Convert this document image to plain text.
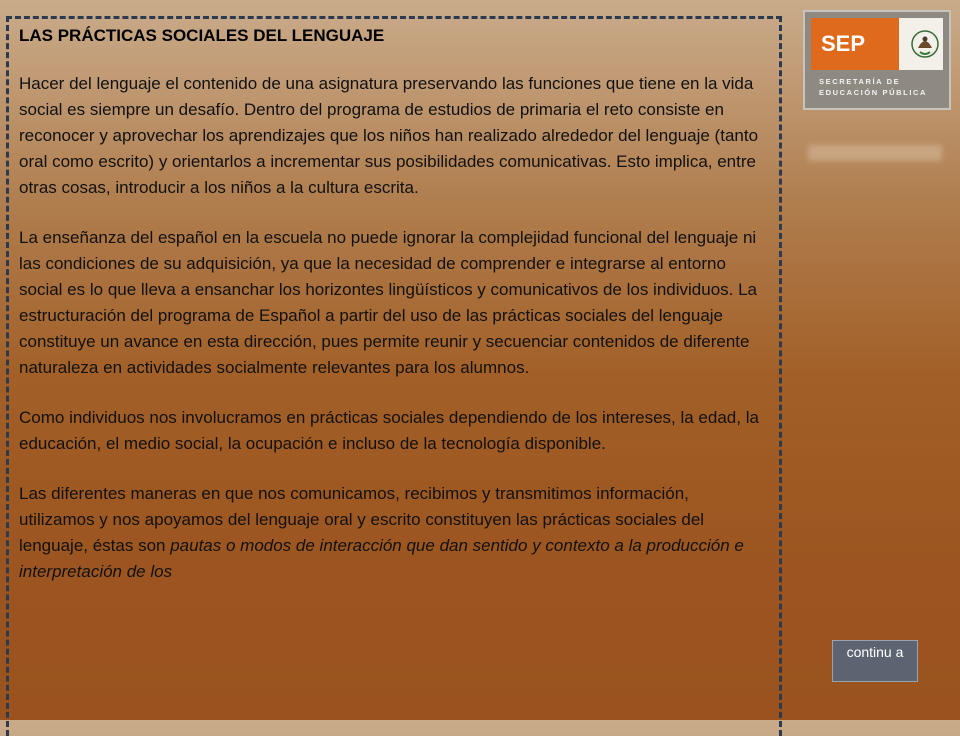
LAS PRÁCTICAS SOCIALES DEL LENGUAJE

Hacer del lenguaje el contenido de una asignatura preservando las funciones que tiene en la vida social es siempre un desafío. Dentro del programa de estudios de primaria el reto consiste en reconocer y aprovechar los aprendizajes que los niños han realizado alrededor del lenguaje (tanto oral como escrito) y orientarlos a incrementar sus posibilidades comunicativas. Esto implica, entre otras cosas, introducir a los niños a la cultura escrita.

La enseñanza del español en la escuela no puede ignorar la complejidad funcional del lenguaje ni las condiciones de su adquisición, ya que la necesidad de comprender e integrarse al entorno social es lo que lleva a ensanchar los horizontes lingüísticos y comunicativos de los individuos. La estructuración del programa de Español a partir del uso de las prácticas sociales del lenguaje constituye un avance en esta dirección, pues permite reunir y secuenciar contenidos de diferente naturaleza en actividades socialmente relevantes para los alumnos.

Como individuos nos involucramos en prácticas sociales dependiendo de los intereses, la edad, la educación, el medio social, la ocupación e incluso de la tecnología disponible.

Las diferentes maneras en que nos comunicamos, recibimos y transmitimos información, utilizamos y nos apoyamos del lenguaje oral y escrito constituyen las prácticas sociales del lenguaje, éstas son pautas o modos de interacción que dan sentido y contexto a la producción e interpretación de los

SEP
SECRETARÍA DE
EDUCACIÓN PÚBLICA
continu a
